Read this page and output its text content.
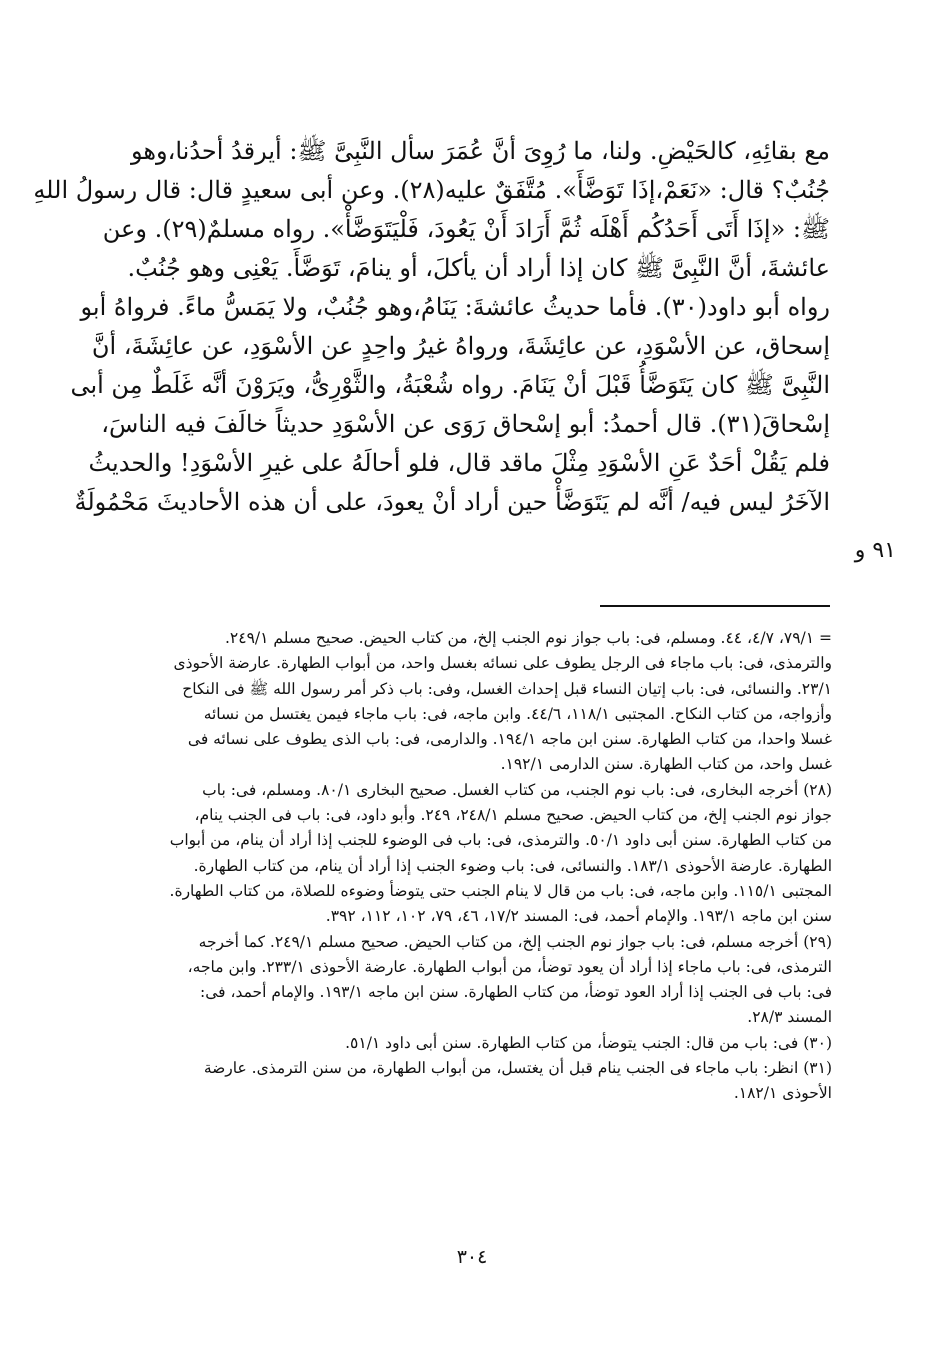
مع بقائِهِ، كالحَيْضِ. ولنا، ما رُوِىَ أنَّ عُمَرَ سأل النَّبِىَّ ﷺ: أيرقدُ أحدُنا،وهو
جُنُبٌ؟ قال: «نَعَمْ،إذَا تَوَضَّأَ». مُتَّفَقٌ عليه(٢٨). وعن أبى سعيدٍ قال: قال رسولُ اللهِ
ﷺ: «إذَا أَتَى أَحَدُكُم أَهْلَه ثُمَّ أَرَادَ أَنْ يَعُودَ، فَلْيَتَوَضَّأْ». رواه مسلمٌ(٢٩). وعن
عائشةَ، أنَّ النَّبِىَّ ﷺ كان إذا أراد أن يأكلَ، أو ينامَ، تَوَضَّأَ. يَعْنِى وهو جُنُبٌ.
رواه أبو داود(٣٠). فأما حديثُ عائشةَ: يَنَامُ،وهو جُنُبٌ، ولا يَمَسُّ ماءً. فرواهُ أبو
إسحاق، عن الأسْوَدِ، عن عائِشَةَ، ورواهُ غيرُ واحِدٍ عن الأسْوَدِ، عن عائِشَةَ، أنَّ
النَّبِىَّ ﷺ كان يَتَوَضَّأُ قَبْلَ أنْ يَنَامَ. رواه شُعْبَةُ، والثَّوْرِىُّ، ويَرَوْنَ أنَّه غَلَطٌ مِن أبى
إسْحاقَ(٣١). قال أحمدُ: أبو إسْحاق رَوَى عن الأسْوَدِ حديثاً خالَفَ فيه الناسَ،
فلم يَقُلْ أحَدٌ عَنِ الأسْوَدِ مِثْلَ ماقد قال، فلو أحالَهُ على غيرِ الأسْوَدِ! والحديثُ
الآخَرُ ليس فيه/ أنَّه لم يَتَوَضَّأْ حين أراد أنْ يعودَ، على أن هذه الأحاديثَ مَحْمُولَةٌ
٩١ و
= ٧٩/١، ٤/٧، ٤٤. ومسلم، فى: باب جواز نوم الجنب إلخ، من كتاب الحيض. صحيح مسلم ٢٤٩/١.
والترمذى، فى: باب ماجاء فى الرجل يطوف على نسائه بغسل واحد، من أبواب الطهارة. عارضة الأحوذى
٢٣/١. والنسائى، فى: باب إتيان النساء قبل إحداث الغسل، وفى: باب ذكر أمر رسول الله ﷺ فى النكاح
وأزواجه، من كتاب النكاح. المجتبى ١١٨/١، ٤٤/٦. وابن ماجه، فى: باب ماجاء فيمن يغتسل من نسائه
غسلا واحدا، من كتاب الطهارة. سنن ابن ماجه ١٩٤/١. والدارمى، فى: باب الذى يطوف على نسائه فى
غسل واحد، من كتاب الطهارة. سنن الدارمى ١٩٢/١.
(٢٨) أخرجه البخارى، فى: باب نوم الجنب، من كتاب الغسل. صحيح البخارى ٨٠/١. ومسلم، فى: باب
جواز نوم الجنب إلخ، من كتاب الحيض. صحيح مسلم ٢٤٨/١، ٢٤٩. وأبو داود، فى: باب فى الجنب ينام،
من كتاب الطهارة. سنن أبى داود ٥٠/١. والترمذى، فى: باب فى الوضوء للجنب إذا أراد أن ينام، من أبواب
الطهارة. عارضة الأحوذى ١٨٣/١. والنسائى، فى: باب وضوء الجنب إذا أراد أن ينام، من كتاب الطهارة.
المجتبى ١١٥/١. وابن ماجه، فى: باب من قال لا ينام الجنب حتى يتوضأ وضوءه للصلاة، من كتاب الطهارة.
سنن ابن ماجه ١٩٣/١. والإمام أحمد، فى: المسند ١٧/٢، ٤٦، ٧٩، ١٠٢، ١١٢، ٣٩٢.
(٢٩) أخرجه مسلم، فى: باب جواز نوم الجنب إلخ، من كتاب الحيض. صحيح مسلم ٢٤٩/١. كما أخرجه
الترمذى، فى: باب ماجاء إذا أراد أن يعود توضأ، من أبواب الطهارة. عارضة الأحوذى ٢٣٣/١. وابن ماجه،
فى: باب فى الجنب إذا أراد العود توضأ، من كتاب الطهارة. سنن ابن ماجه ١٩٣/١. والإمام أحمد، فى:
المسند ٢٨/٣.
(٣٠) فى: باب من قال: الجنب يتوضأ، من كتاب الطهارة. سنن أبى داود ٥١/١.
(٣١) انظر: باب ماجاء فى الجنب ينام قبل أن يغتسل، من أبواب الطهارة، من سنن الترمذى. عارضة
الأحوذى ١٨٢/١.
٣٠٤
